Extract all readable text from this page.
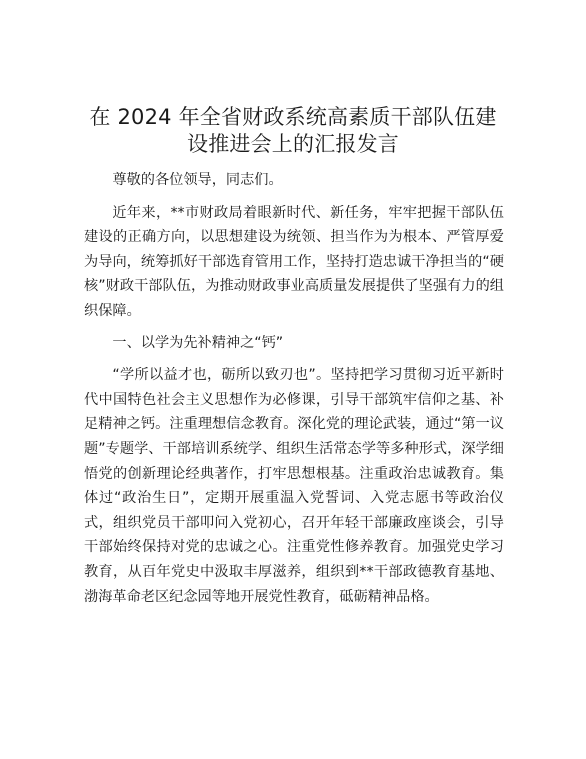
在 2024 年全省财政系统高素质干部队伍建设推进会上的汇报发言

尊敬的各位领导，同志们。

近年来，**市财政局着眼新时代、新任务，牢牢把握干部队伍建设的正确方向，以思想建设为统领、担当作为为根本、严管厚爱为导向，统筹抓好干部选育管用工作，坚持打造忠诚干净担当的“硬核”财政干部队伍，为推动财政事业高质量发展提供了坚强有力的组织保障。

一、以学为先补精神之“钙”

“学所以益才也，砺所以致刃也”。坚持把学习贯彻习近平新时代中国特色社会主义思想作为必修课，引导干部筑牢信仰之基、补足精神之钙。注重理想信念教育。深化党的理论武装，通过“第一议题”专题学、干部培训系统学、组织生活常态学等多种形式，深学细悟党的创新理论经典著作，打牢思想根基。注重政治忠诚教育。集体过“政治生日”，定期开展重温入党誓词、入党志愿书等政治仪式，组织党员干部叩问入党初心，召开年轻干部廉政座谈会，引导干部始终保持对党的忠诚之心。注重党性修养教育。加强党史学习教育，从百年党史中汲取丰厚滋养，组织到**干部政德教育基地、渤海革命老区纪念园等地开展党性教育，砥砺精神品格。
